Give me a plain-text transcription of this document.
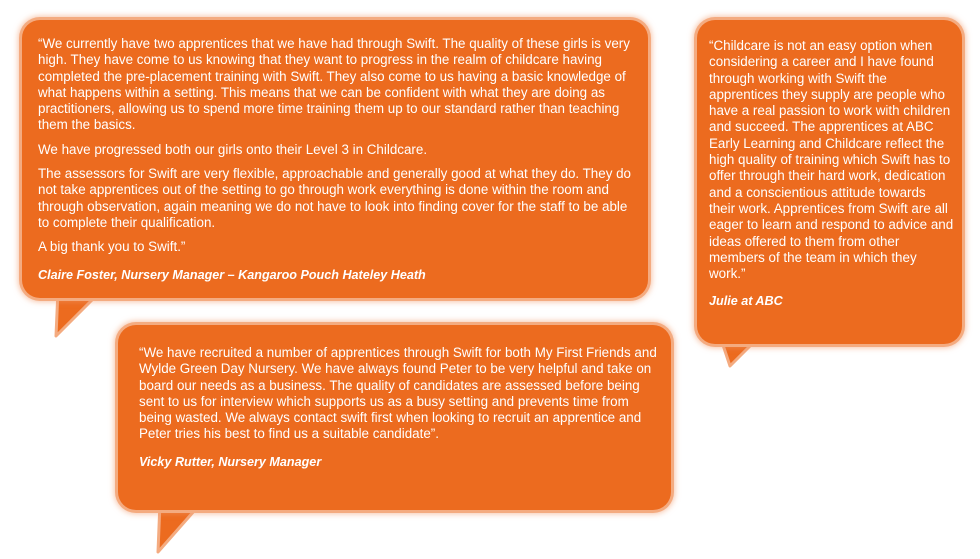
“We currently have two apprentices that we have had through Swift. The quality of these girls is very high. They have come to us knowing that they want to progress in the realm of childcare having completed the pre-placement training with Swift. They also come to us having a basic knowledge of what happens within a setting. This means that we can be confident with what they are doing as practitioners, allowing us to spend more time training them up to our standard rather than teaching them the basics.

We have progressed both our girls onto their Level 3 in Childcare.

The assessors for Swift are very flexible, approachable and generally good at what they do. They do not take apprentices out of the setting to go through work everything is done within the room and through observation, again meaning we do not have to look into finding cover for the staff to be able to complete their qualification.

A big thank you to Swift.”

Claire Foster, Nursery Manager – Kangaroo Pouch Hateley Heath

“Childcare is not an easy option when considering a career and I have found through working with Swift the apprentices they supply are people who have a real passion to work with children and succeed. The apprentices at ABC Early Learning and Childcare reflect the high quality of training which Swift has to offer through their hard work, dedication and a conscientious attitude towards their work. Apprentices from Swift are all eager to learn and respond to advice and ideas offered to them from other members of the team in which they work.”

Julie at ABC

“We have recruited a number of apprentices through Swift for both My First Friends and Wylde Green Day Nursery. We have always found Peter to be very helpful and take on board our needs as a business. The quality of candidates are assessed before being sent to us for interview which supports us as a busy setting and prevents time from being wasted. We always contact swift first when looking to recruit an apprentice and Peter tries his best to find us a suitable candidate”.

Vicky Rutter, Nursery Manager
